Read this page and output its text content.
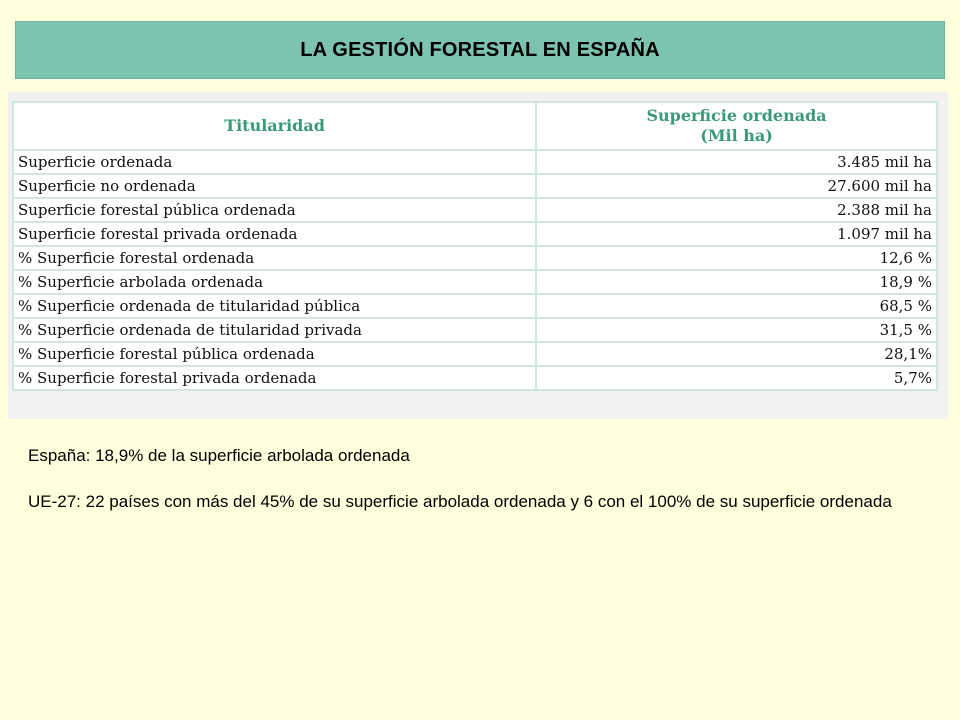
LA GESTIÓN FORESTAL EN ESPAÑA
Titularidad	Superficie ordenada
(Mil ha)
Superficie ordenada	3.485 mil ha
Superficie no ordenada	27.600 mil ha
Superficie forestal pública ordenada	2.388 mil ha
Superficie forestal privada ordenada	1.097 mil ha
% Superficie forestal ordenada	12,6 %
% Superficie arbolada ordenada	18,9 %
% Superficie ordenada de titularidad pública	68,5 %
% Superficie ordenada de titularidad privada	31,5 %
% Superficie forestal pública ordenada	28,1%
% Superficie forestal privada ordenada	5,7%

España: 18,9% de la superficie arbolada ordenada

UE-27: 22 países con más del 45% de su superficie arbolada ordenada y 6 con el 100% de su superficie ordenada
